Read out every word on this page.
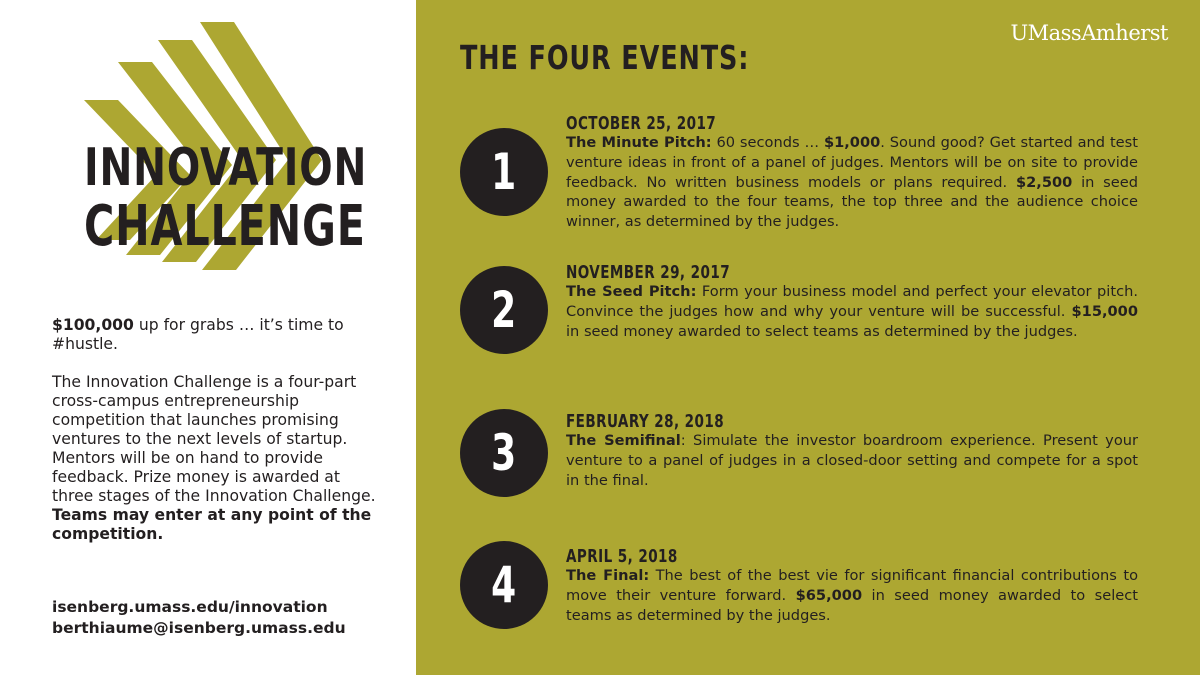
INNOVATION
CHALLENGE

$100,000 up for grabs … it’s time to #hustle.

The Innovation Challenge is a four-part cross-campus entrepreneurship competition that launches promising ventures to the next levels of startup. Mentors will be on hand to provide feedback. Prize money is awarded at three stages of the Innovation Challenge.

Teams may enter at any point of the competition.

isenberg.umass.edu/innovation
berthiaume@isenberg.umass.edu
UMassAmherst
THE FOUR EVENTS:
1
OCTOBER 25, 2017

The Minute Pitch: 60 seconds … $1,000. Sound good? Get started and test venture ideas in front of a panel of judges. Mentors will be on site to provide feedback. No written business models or plans required. $2,500 in seed money awarded to the four teams, the top three and the audience choice winner, as determined by the judges.

2
NOVEMBER 29, 2017

The Seed Pitch: Form your business model and perfect your elevator pitch. Convince the judges how and why your venture will be successful. $15,000 in seed money awarded to select teams as determined by the judges.

3
FEBRUARY 28, 2018

The Semifinal: Simulate the investor boardroom experience. Present your venture to a panel of judges in a closed-door setting and compete for a spot in the final.

4	APRIL 5, 2018

The Final: The best of the best vie for significant financial contributions to move their venture forward. $65,000 in seed money awarded to select teams as determined by the judges.
